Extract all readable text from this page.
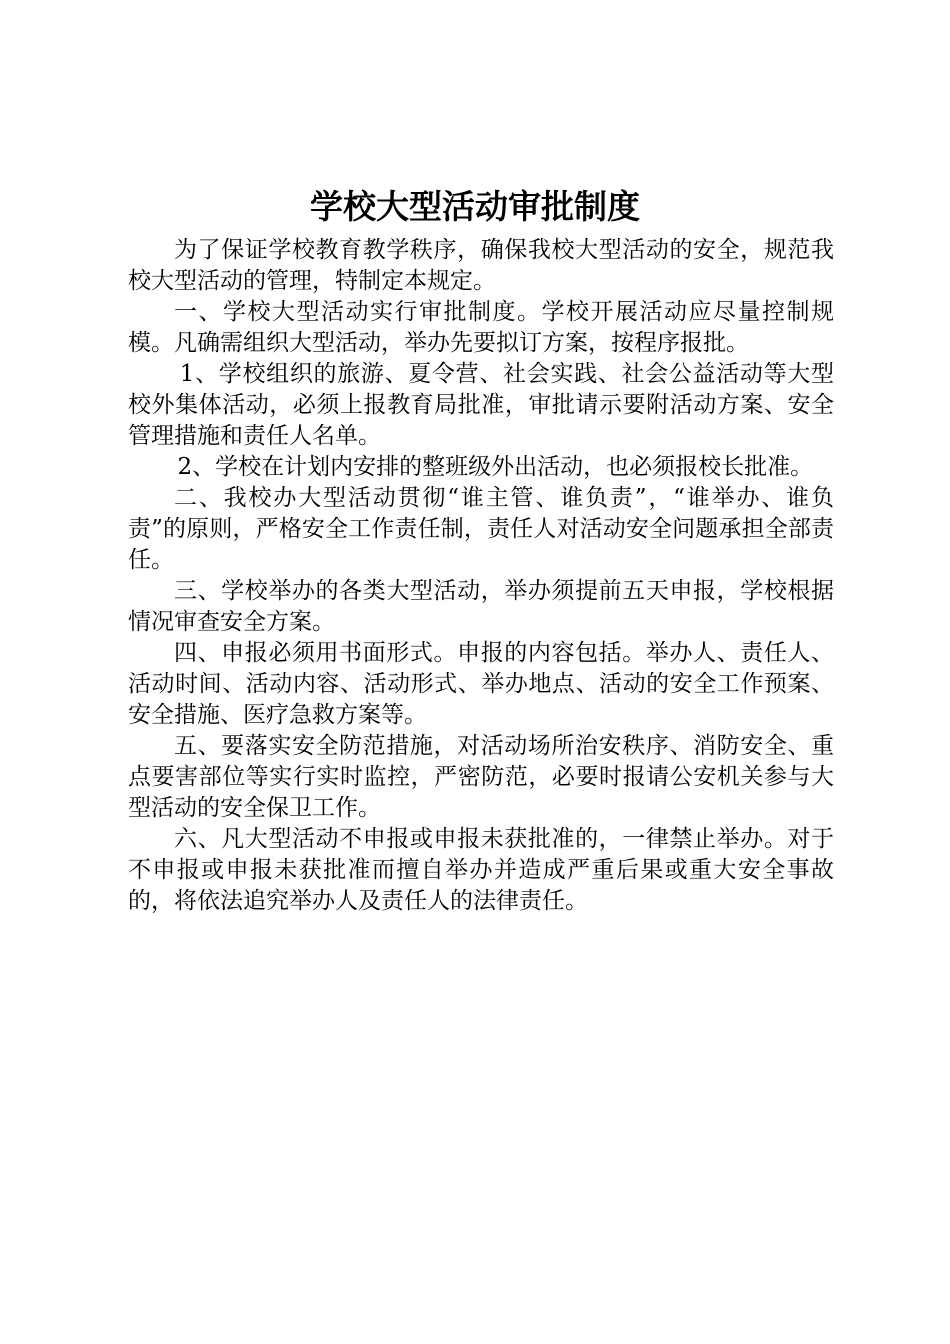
学校大型活动审批制度

为了保证学校教育教学秩序，确保我校大型活动的安全，规范我校大型活动的管理，特制定本规定。

一、学校大型活动实行审批制度。学校开展活动应尽量控制规模。凡确需组织大型活动，举办先要拟订方案，按程序报批。

1、学校组织的旅游、夏令营、社会实践、社会公益活动等大型校外集体活动，必须上报教育局批准，审批请示要附活动方案、安全管理措施和责任人名单。

2、学校在计划内安排的整班级外出活动，也必须报校长批准。

二、我校办大型活动贯彻“谁主管、谁负责”，“谁举办、谁负责”的原则，严格安全工作责任制，责任人对活动安全问题承担全部责任。

三、学校举办的各类大型活动，举办须提前五天申报，学校根据情况审查安全方案。

四、申报必须用书面形式。申报的内容包括。举办人、责任人、活动时间、活动内容、活动形式、举办地点、活动的安全工作预案、安全措施、医疗急救方案等。

五、要落实安全防范措施，对活动场所治安秩序、消防安全、重点要害部位等实行实时监控，严密防范，必要时报请公安机关参与大型活动的安全保卫工作。

六、凡大型活动不申报或申报未获批准的，一律禁止举办。对于不申报或申报未获批准而擅自举办并造成严重后果或重大安全事故的，将依法追究举办人及责任人的法律责任。
